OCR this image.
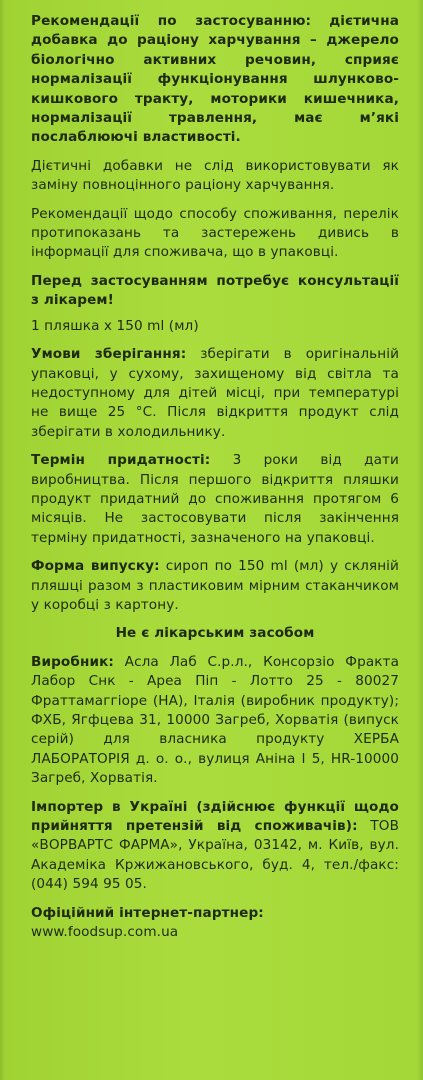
Рекомендації по застосуванню: дієтична добавка до раціону харчування – джерело біологічно активних речовин, сприяє нормалізації функціонування шлунково-кишкового тракту, моторики кишечника, нормалізації травлення, має м’які послаблюючі властивості.

Дієтичні добавки не слід використовувати як заміну повноцінного раціону харчування.

Рекомендації щодо способу споживання, перелік протипоказань та застережень дивись в інформації для споживача, що в упаковці.

Перед застосуванням потребує консультації з лікарем!

1 пляшка х 150 ml (мл)

Умови зберігання: зберігати в оригінальній упаковці, у сухому, захищеному від світла та недоступному для дітей місці, при температурі не вище 25 °С. Після відкриття продукт слід зберігати в холодильнику.

Термін придатності: 3 роки від дати виробництва. Після першого відкриття пляшки продукт придатний до споживання протягом 6 місяців. Не застосовувати після закінчення терміну придатності, зазначеного на упаковці.

Форма випуску: сироп по 150 ml (мл) у скляній пляшці разом з пластиковим мірним стаканчиком у коробці з картону.

Не є лікарським засобом

Виробник: Асла Лаб С.р.л., Консорзіо Фракта Лабор Снк - Ареа Піп - Лотто 25 - 80027 Фраттамаггіоре (НА), Італія (виробник продукту); ФХБ, Ягфцева 31, 10000 Загреб, Хорватія (випуск серій) для власника продукту ХЕРБА ЛАБОРАТОРІЯ д. о. о., вулиця Аніна І 5, HR-10000 Загреб, Хорватія.

Імпортер в Україні (здійснює функції щодо прийняття претензій від споживачів): ТОВ «ВОРВАРТС ФАРМА», Україна, 03142, м. Київ, вул. Академіка Кржижановського, буд. 4, тел./факс: (044) 594 95 05.

Офіційний інтернет-партнер:
www.foodsup.com.ua
